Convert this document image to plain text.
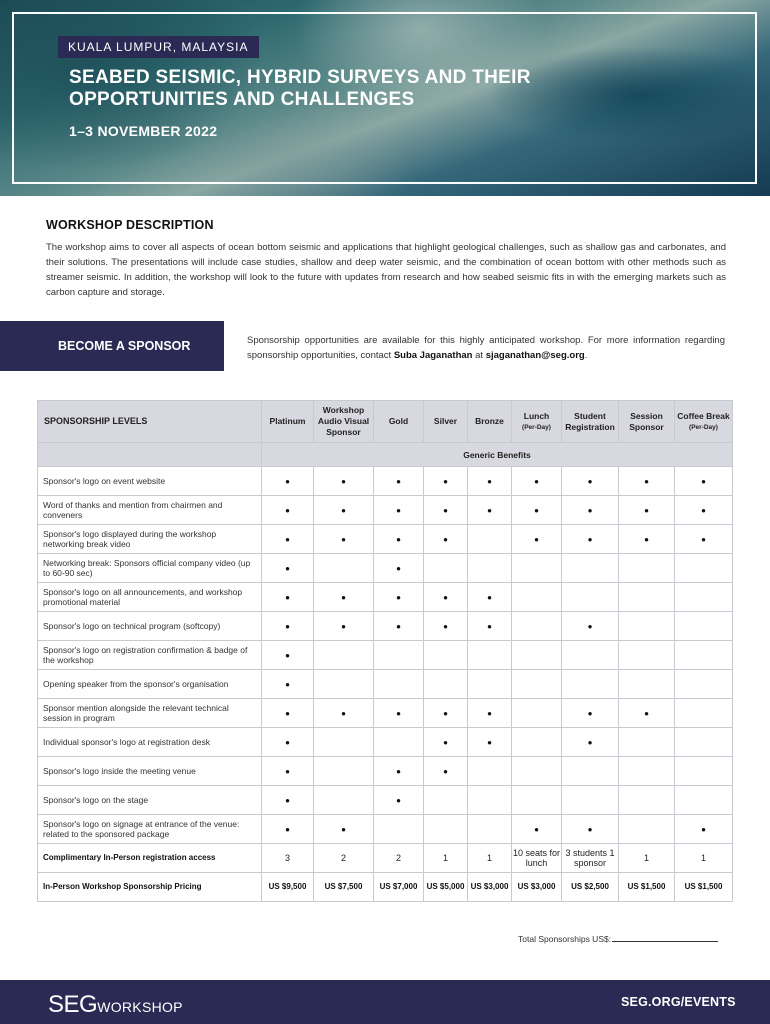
KUALA LUMPUR, MALAYSIA
SEABED SEISMIC, HYBRID SURVEYS AND THEIR OPPORTUNITIES AND CHALLENGES
1–3 NOVEMBER 2022
WORKSHOP DESCRIPTION
The workshop aims to cover all aspects of ocean bottom seismic and applications that highlight geological challenges, such as shallow gas and carbonates, and their solutions. The presentations will include case studies, shallow and deep water seismic, and the combination of ocean bottom with other methods such as streamer seismic. In addition, the workshop will look to the future with updates from research and how seabed seismic fits in with the emerging markets such as carbon capture and storage.
BECOME A SPONSOR	Sponsorship opportunities are available for this highly anticipated workshop. For more information regarding sponsorship opportunities, contact Suba Jaganathan at sjaganathan@seg.org.
SPONSORSHIP LEVELS	Platinum	Workshop Audio Visual Sponsor	Gold	Silver	Bronze	Lunch
(Per-Day)	Student Registration	Session Sponsor	Coffee Break
(Per-Day)

	Generic Benefits								
Sponsor's logo on event website	•	•	•	•	•	•	•	•	•
Word of thanks and mention from chairmen and conveners	•	•	•	•	•	•	•	•	•
Sponsor's logo displayed during the workshop networking break video	•	•	•	•		•	•	•	•
Networking break: Sponsors official company video (up to 60-90 sec)	•		•						
Sponsor's logo on all announcements, and workshop promotional material	•	•	•	•	•				
Sponsor's logo on technical program (softcopy)	•	•	•	•	•		•		
Sponsor's logo on registration confirmation & badge of the workshop	•								
Opening speaker from the sponsor's organisation	•								
Sponsor mention alongside the relevant technical session in program	•	•	•	•	•		•	•	
Individual sponsor's logo at registration desk	•			•	•		•		
Sponsor's logo inside the meeting venue	•		•	•					
Sponsor's logo on the stage	•		•						
Sponsor's logo on signage at entrance of the venue: related to the sponsored package	•	•				•	•		•
Complimentary In-Person registration access	3	2	2	1	1	10 seats for lunch	3 students 1 sponsor	1	1
In-Person Workshop Sponsorship Pricing	US $9,500	US $7,500	US $7,000	US $5,000	US $3,000	US $3,000	US $2,500	US $1,500	US $1,500
Total Sponsorships US$:
SEGWORKSHOP	SEG.ORG/EVENTS
